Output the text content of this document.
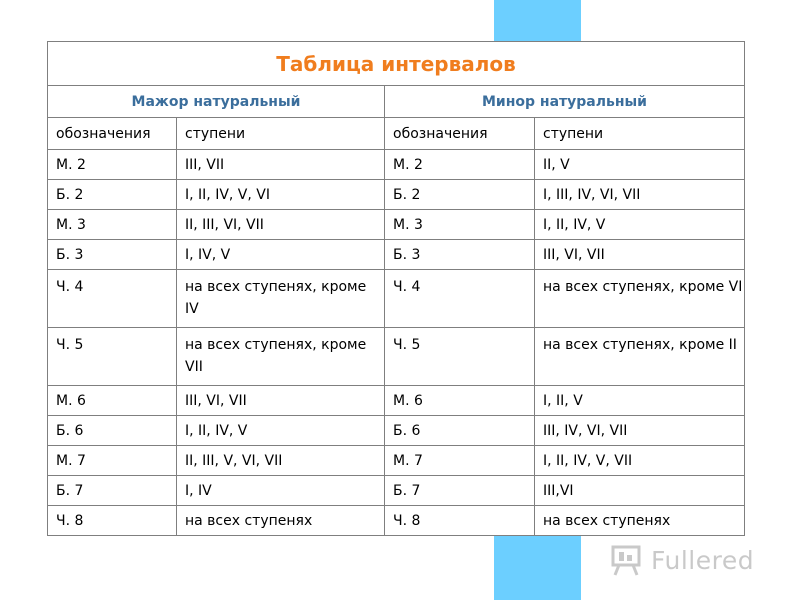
Таблица интервалов			
Мажор натуральный		Минор натуральный	
обозначения	ступени	обозначения	ступени
М. 2	III, VII	М. 2	II, V
Б. 2	I, II, IV, V, VI	Б. 2	I, III, IV, VI, VII
М. 3	II, III, VI, VII	М. 3	I, II, IV, V
Б. 3	I, IV, V	Б. 3	III, VI, VII
Ч. 4	на всех ступенях, кроме IV	Ч. 4	на всех ступенях, кроме VI
Ч. 5	на всех ступенях, кроме VII	Ч. 5	на всех ступенях, кроме II
М. 6	III, VI, VII	М. 6	I, II, V
Б. 6	I, II, IV, V	Б. 6	III, IV, VI, VII
М. 7	II, III, V, VI, VII	М. 7	I, II, IV, V, VII
Б. 7	I, IV	Б. 7	III,VI
Ч. 8	на всех ступенях	Ч. 8	на всех ступенях
Fullered
